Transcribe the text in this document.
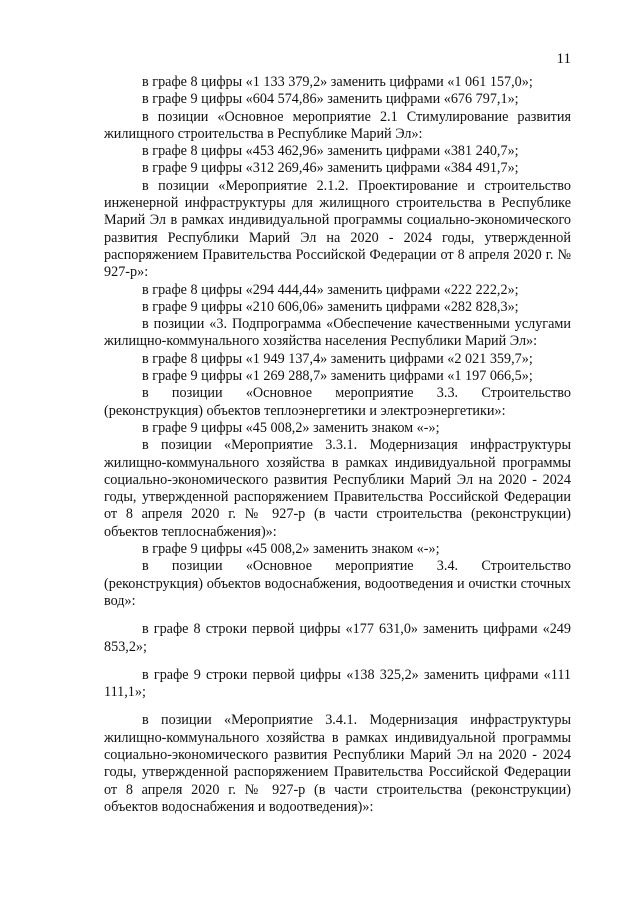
11

в графе 8 цифры «1 133 379,2» заменить цифрами «1 061 157,0»;

в графе 9 цифры «604 574,86» заменить цифрами «676 797,1»;

в позиции «Основное мероприятие 2.1 Стимулирование развития жилищного строительства в Республике Марий Эл»:

в графе 8 цифры «453 462,96» заменить цифрами «381 240,7»;

в графе 9 цифры «312 269,46» заменить цифрами «384 491,7»;

в позиции «Мероприятие 2.1.2. Проектирование и строительство инженерной инфраструктуры для жилищного строительства в Республике Марий Эл в рамках индивидуальной программы социально-экономического развития Республики Марий Эл на 2020 - 2024 годы, утвержденной распоряжением Правительства Российской Федерации от 8 апреля 2020 г. № 927-р»:

в графе 8 цифры «294 444,44» заменить цифрами «222 222,2»;

в графе 9 цифры «210 606,06» заменить цифрами «282 828,3»;

в позиции «3. Подпрограмма «Обеспечение качественными услугами жилищно-коммунального хозяйства населения Республики Марий Эл»:

в графе 8 цифры «1 949 137,4» заменить цифрами «2 021 359,7»;

в графе 9 цифры «1 269 288,7» заменить цифрами «1 197 066,5»;

в позиции «Основное мероприятие 3.3. Строительство (реконструкция) объектов теплоэнергетики и электроэнергетики»:

в графе 9 цифры «45 008,2» заменить знаком «-»;

в позиции «Мероприятие 3.3.1. Модернизация инфраструктуры жилищно-коммунального хозяйства в рамках индивидуальной программы социально-экономического развития Республики Марий Эл на 2020 - 2024 годы, утвержденной распоряжением Правительства Российской Федерации от 8 апреля 2020 г. № 927-р (в части строительства (реконструкции) объектов теплоснабжения)»:

в графе 9 цифры «45 008,2» заменить знаком «-»;

в позиции «Основное мероприятие 3.4. Строительство (реконструкция) объектов водоснабжения, водоотведения и очистки сточных вод»:

в графе 8 строки первой цифры «177 631,0» заменить цифрами «249 853,2»;

в графе 9 строки первой цифры «138 325,2» заменить цифрами «111 111,1»;

в позиции «Мероприятие 3.4.1. Модернизация инфраструктуры жилищно-коммунального хозяйства в рамках индивидуальной программы социально-экономического развития Республики Марий Эл на 2020 - 2024 годы, утвержденной распоряжением Правительства Российской Федерации от 8 апреля 2020 г. № 927-р (в части строительства (реконструкции) объектов водоснабжения и водоотведения)»:
